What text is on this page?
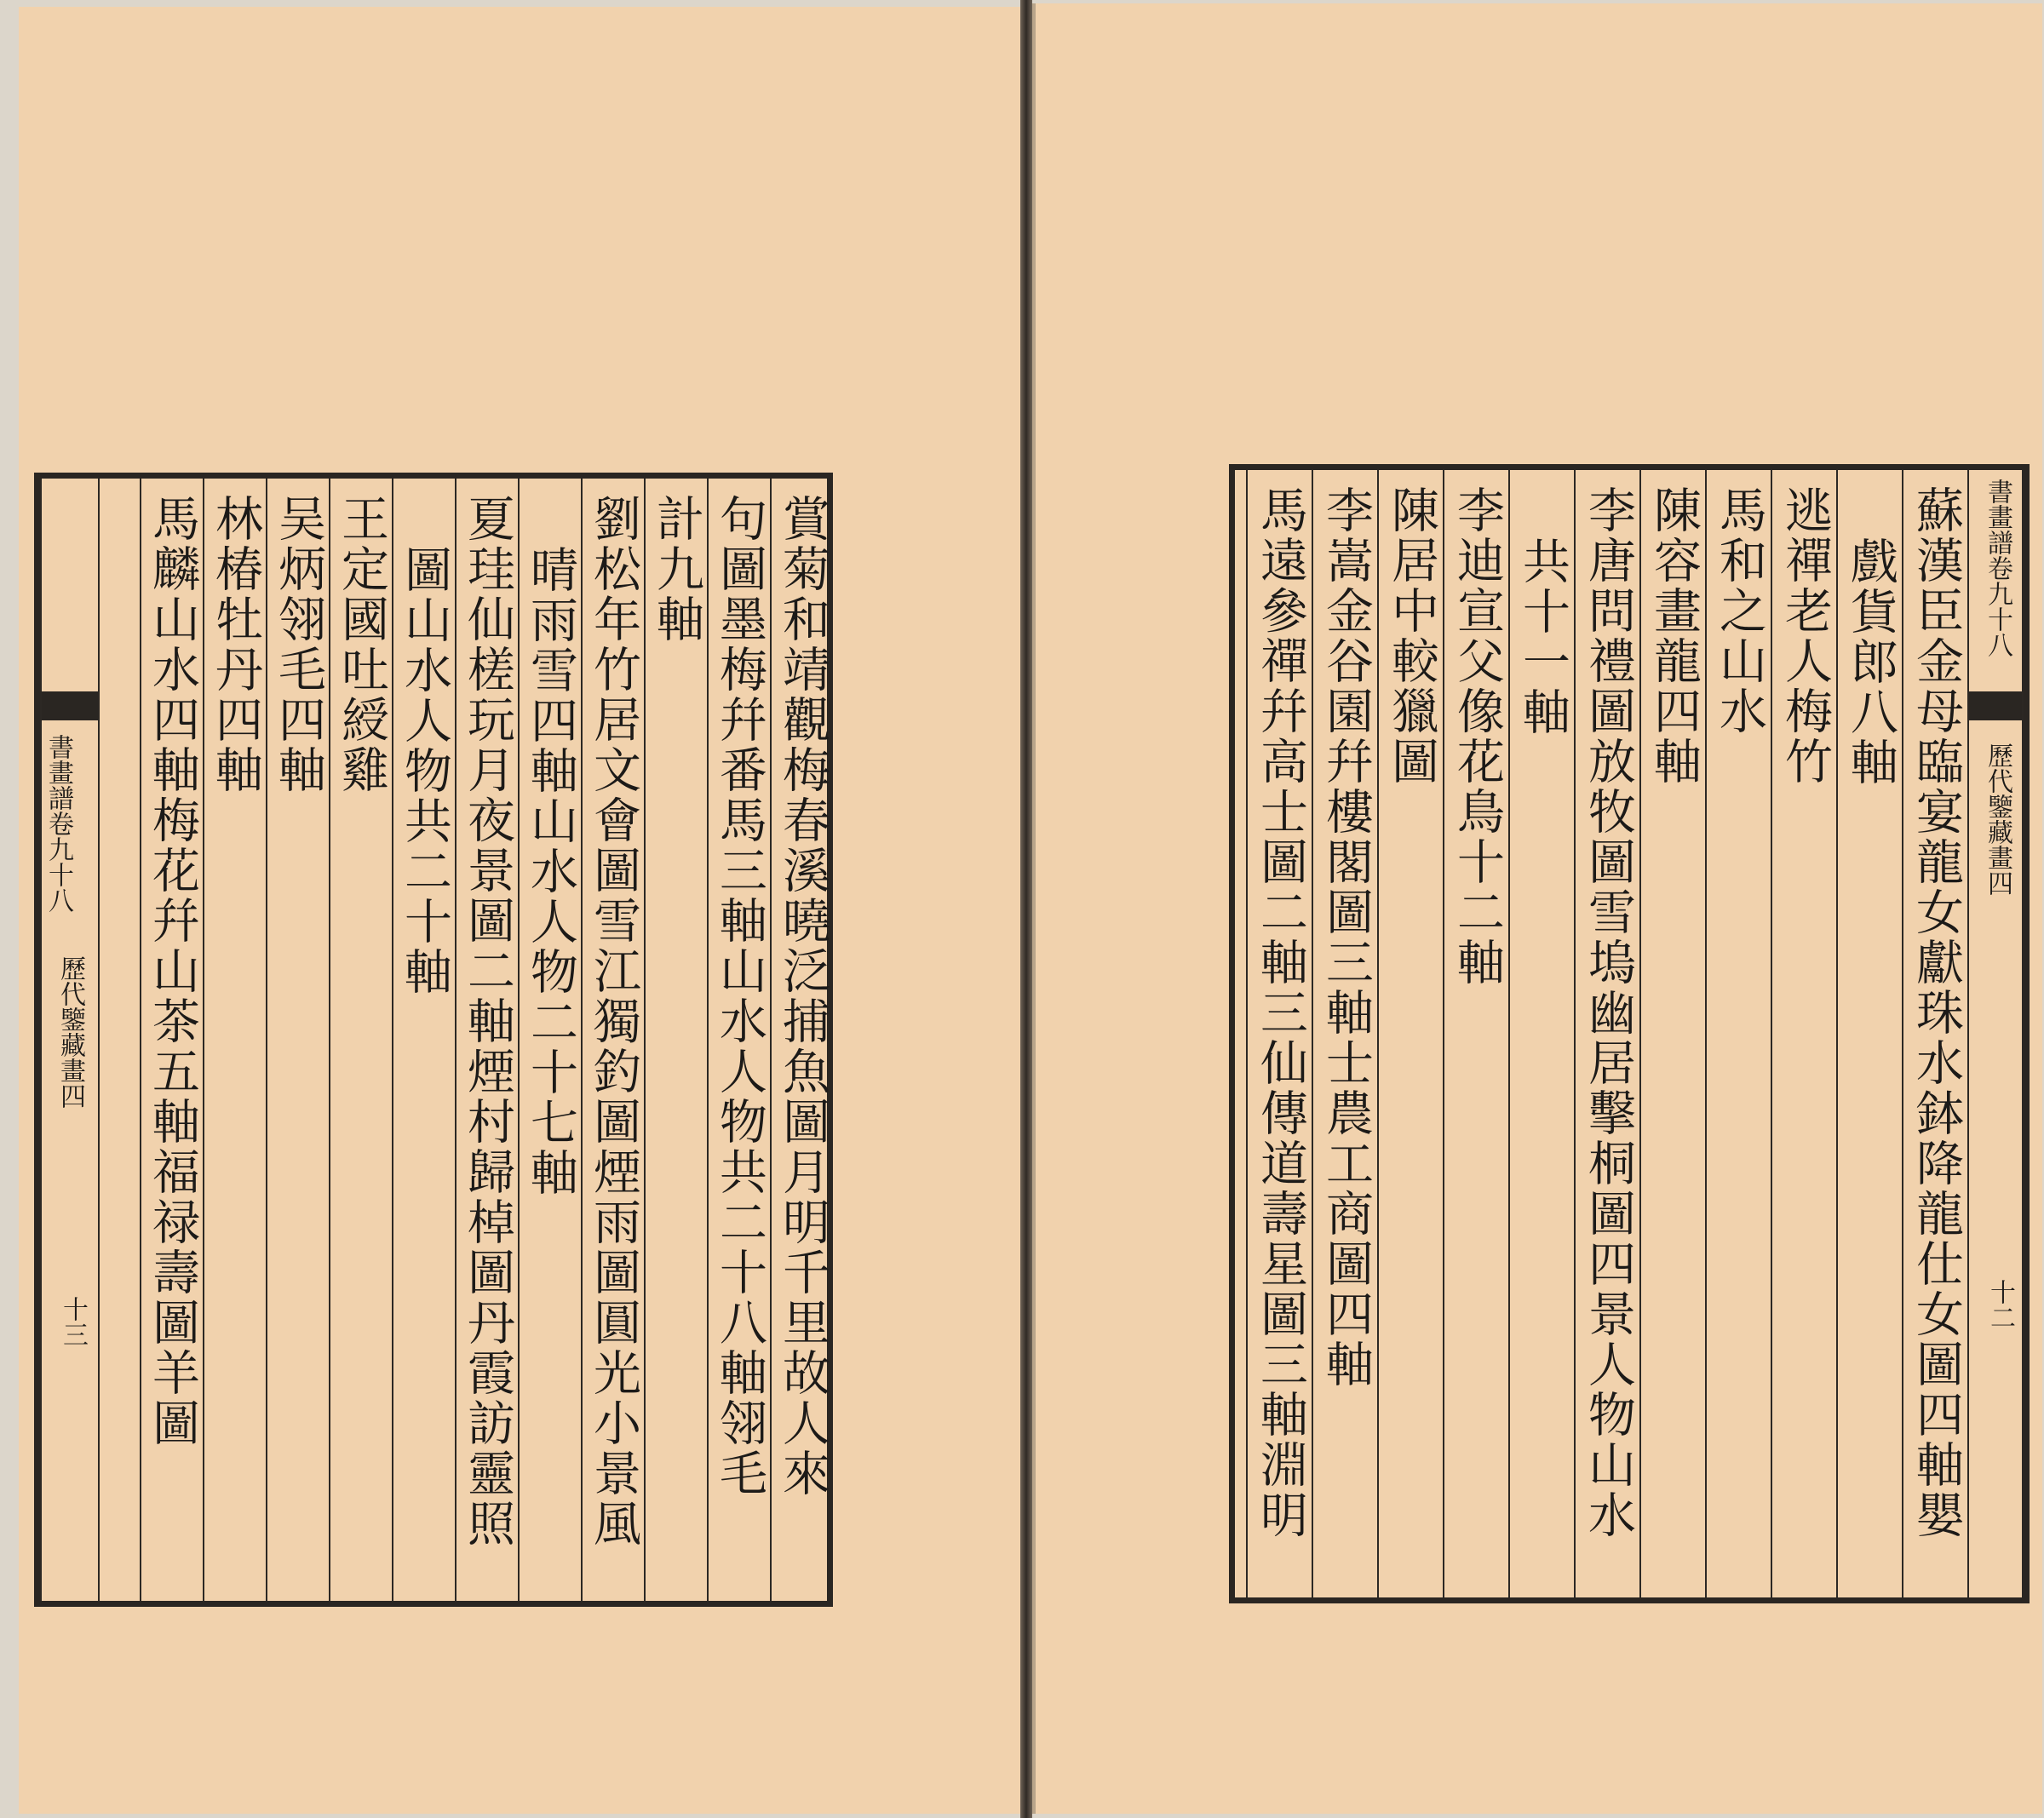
賞菊和靖觀梅春溪曉泛捕魚圖月明千里故人來
句圖墨梅幷番馬三軸山水人物共二十八軸翎毛
計九軸
劉松年竹居文會圖雪江獨釣圖煙雨圖圓光小景風
晴雨雪四軸山水人物二十七軸
夏珪仙槎玩月夜景圖二軸煙村歸棹圖丹霞訪靈照
圖山水人物共二十軸
王定國吐綬雞
吴炳翎毛四軸
林椿牡丹四軸
馬麟山水四軸梅花幷山茶五軸福禄壽圖羊圖
書畫譜卷九十八
歷代鑒藏畫四
十三
書畫譜卷九十八
歷代鑒藏畫四
十二
蘇漢臣金母臨宴龍女獻珠水鉢降龍仕女圖四軸嬰
戲貨郎八軸
逃禪老人梅竹
馬和之山水
陳容畫龍四軸
李唐問禮圖放牧圖雪塢幽居擊桐圖四景人物山水
共十一軸
李迪宣父像花鳥十二軸
陳居中較獵圖
李嵩金谷園幷樓閣圖三軸士農工商圖四軸
馬遠參禪幷高士圖二軸三仙傳道壽星圖三軸淵明
